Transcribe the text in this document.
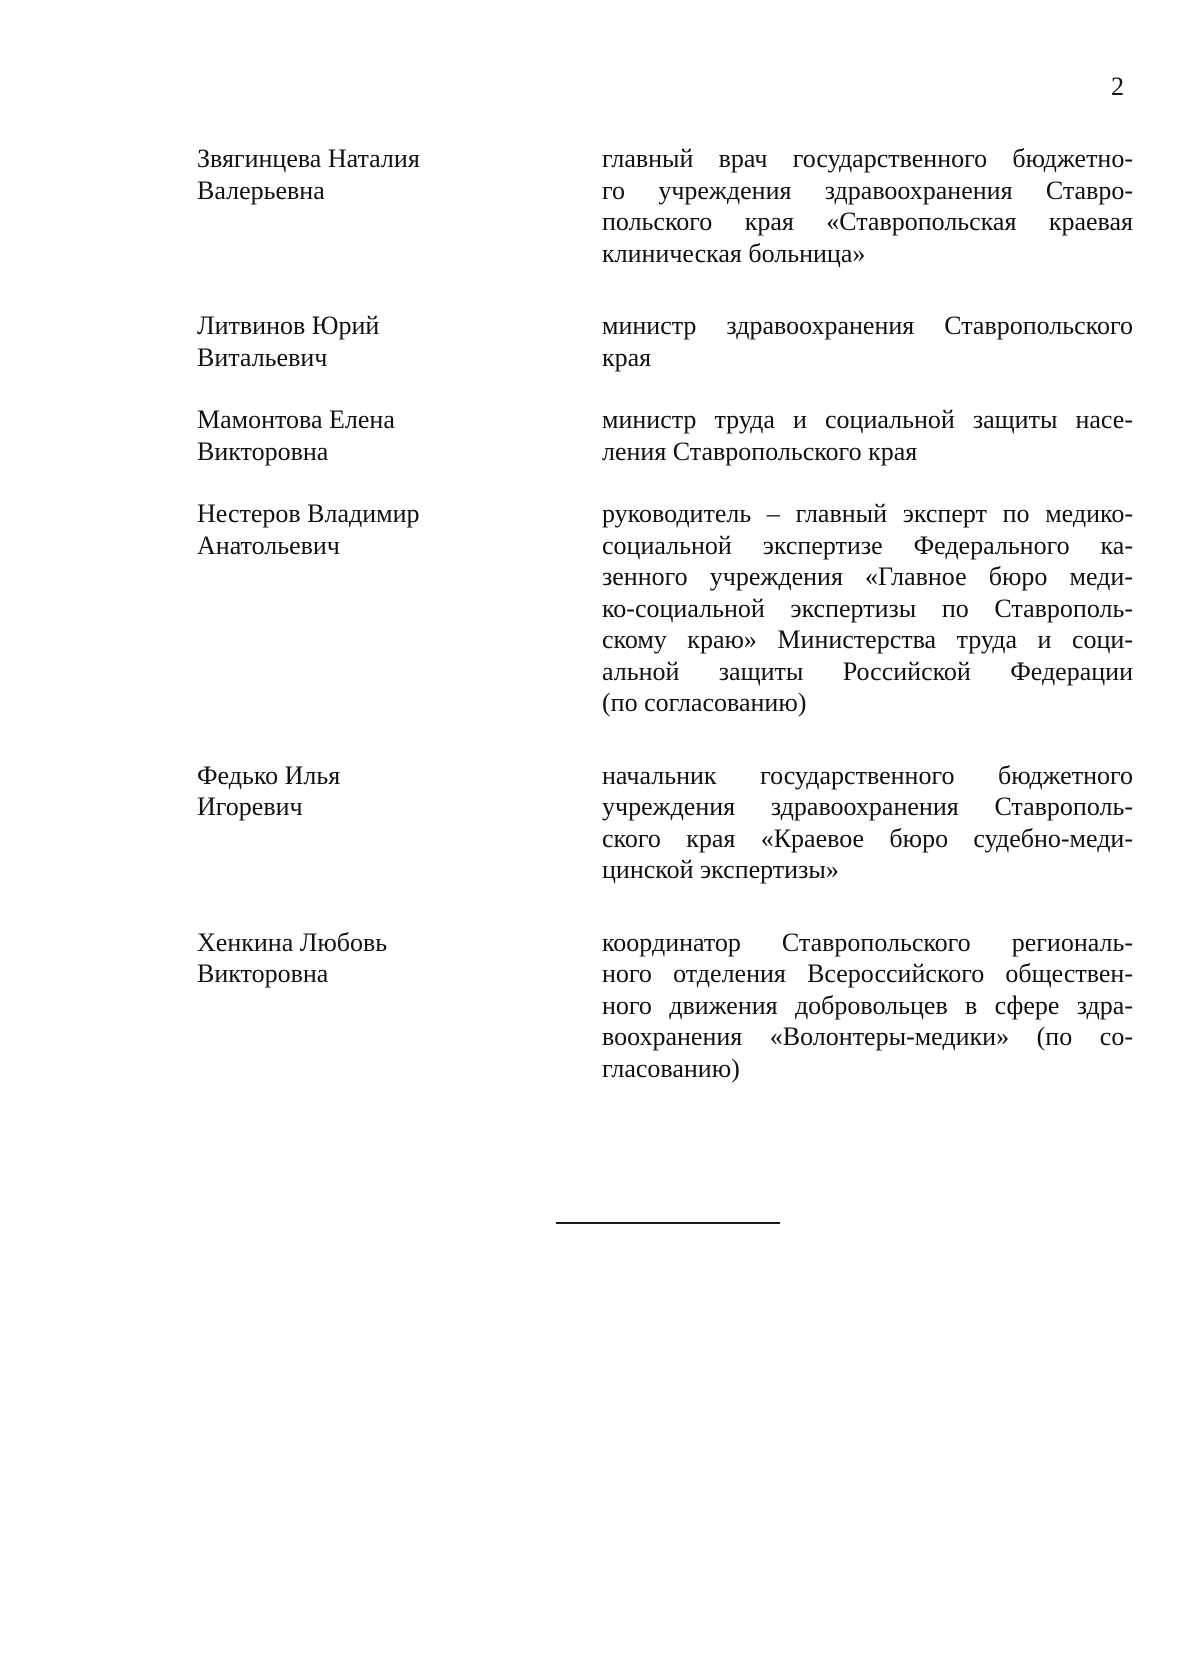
2
Звягинцева Наталия
Валерьевна
главный врач государственного бюджетно-
го учреждения здравоохранения Ставро-
польского края «Ставропольская краевая
клиническая больница»
Литвинов Юрий
Витальевич
министр здравоохранения Ставропольского
края
Мамонтова Елена
Викторовна
министр труда и социальной защиты насе-
ления Ставропольского края
Нестеров Владимир
Анатольевич
руководитель – главный эксперт по медико-
социальной экспертизе Федерального ка-
зенного учреждения «Главное бюро меди-
ко-социальной экспертизы по Ставрополь-
скому краю» Министерства труда и соци-
альной защиты Российской Федерации
(по согласованию)
Федько Илья
Игоревич
начальник государственного бюджетного
учреждения здравоохранения Ставрополь-
ского края «Краевое бюро судебно-меди-
цинской экспертизы»
Хенкина Любовь
Викторовна
координатор Ставропольского региональ-
ного отделения Всероссийского обществен-
ного движения добровольцев в сфере здра-
воохранения «Волонтеры-медики» (по со-
гласованию)
